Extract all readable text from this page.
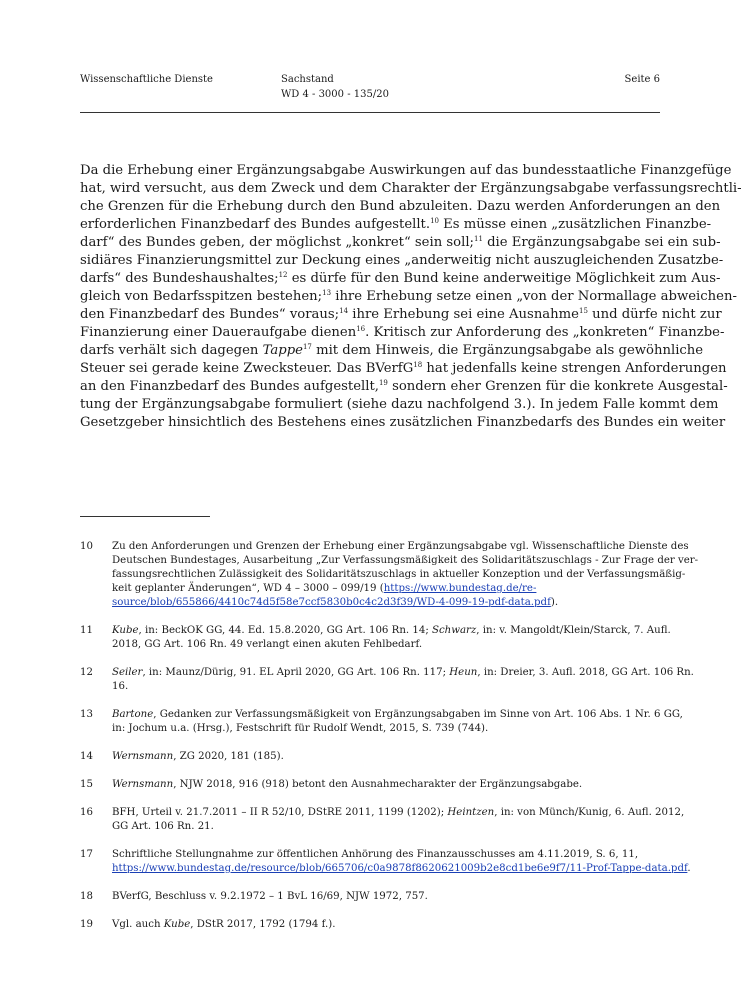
Wissenschaftliche Dienste	Sachstand
WD 4 - 3000 - 135/20
Seite 6
Da die Erhebung einer Ergänzungsabgabe Auswirkungen auf das bundesstaatliche Finanzgefüge
hat, wird versucht, aus dem Zweck und dem Charakter der Ergänzungsabgabe verfassungsrechtli-
che Grenzen für die Erhebung durch den Bund abzuleiten. Dazu werden Anforderungen an den
erforderlichen Finanzbedarf des Bundes aufgestellt.$^{10}$ Es müsse einen „zusätzlichen Finanzbe-
darf“ des Bundes geben, der möglichst „konkret“ sein soll;$^{11}$ die Ergänzungsabgabe sei ein sub-
sidiäres Finanzierungsmittel zur Deckung eines „anderweitig nicht auszugleichenden Zusatzbe-
darfs“ des Bundeshaushaltes;$^{12}$ es dürfe für den Bund keine anderweitige Möglichkeit zum Aus-
gleich von Bedarfsspitzen bestehen;$^{13}$ ihre Erhebung setze einen „von der Normallage abweichen-
den Finanzbedarf des Bundes“ voraus;$^{14}$ ihre Erhebung sei eine Ausnahme$^{15}$ und dürfe nicht zur
Finanzierung einer Daueraufgabe dienen$^{16}$. Kritisch zur Anforderung des „konkreten“ Finanzbe-
darfs verhält sich dagegen Tappe$^{17}$ mit dem Hinweis, die Ergänzungsabgabe als gewöhnliche
Steuer sei gerade keine Zwecksteuer. Das BVerfG$^{18}$ hat jedenfalls keine strengen Anforderungen
an den Finanzbedarf des Bundes aufgestellt,$^{19}$ sondern eher Grenzen für die konkrete Ausgestal-
tung der Ergänzungsabgabe formuliert (siehe dazu nachfolgend 3.). In jedem Falle kommt dem
Gesetzgeber hinsichtlich des Bestehens eines zusätzlichen Finanzbedarfs des Bundes ein weiter
10 Zu den Anforderungen und Grenzen der Erhebung einer Ergänzungsabgabe vgl. Wissenschaftliche Dienste des
Deutschen Bundestages, Ausarbeitung „Zur Verfassungsmäßigkeit des Solidaritätszuschlags - Zur Frage der ver-
fassungsrechtlichen Zulässigkeit des Solidaritätszuschlags in aktueller Konzeption und der Verfassungsmäßig-
keit geplanter Änderungen“, WD 4 – 3000 – 099/19 (https://www.bundestag.de/re-
source/blob/655866/4410c74d5f58e7ccf5830b0c4c2d3f39/WD-4-099-19-pdf-data.pdf).
11 Kube, in: BeckOK GG, 44. Ed. 15.8.2020, GG Art. 106 Rn. 14; Schwarz, in: v. Mangoldt/Klein/Starck, 7. Aufl.
2018, GG Art. 106 Rn. 49 verlangt einen akuten Fehlbedarf.
12 Seiler, in: Maunz/Dürig, 91. EL April 2020, GG Art. 106 Rn. 117; Heun, in: Dreier, 3. Aufl. 2018, GG Art. 106 Rn.
16.
13 Bartone, Gedanken zur Verfassungsmäßigkeit von Ergänzungsabgaben im Sinne von Art. 106 Abs. 1 Nr. 6 GG,
in: Jochum u.a. (Hrsg.), Festschrift für Rudolf Wendt, 2015, S. 739 (744).
14 Wernsmann, ZG 2020, 181 (185).
15 Wernsmann, NJW 2018, 916 (918) betont den Ausnahmecharakter der Ergänzungsabgabe.
16 BFH, Urteil v. 21.7.2011 – II R 52/10, DStRE 2011, 1199 (1202); Heintzen, in: von Münch/Kunig, 6. Aufl. 2012,
GG Art. 106 Rn. 21.
17 Schriftliche Stellungnahme zur öffentlichen Anhörung des Finanzausschusses am 4.11.2019, S. 6, 11,
https://www.bundestag.de/resource/blob/665706/c0a9878f8620621009b2e8cd1be6e9f7/11-Prof-Tappe-data.pdf.
18 BVerfG, Beschluss v. 9.2.1972 – 1 BvL 16/69, NJW 1972, 757.
19 Vgl. auch Kube, DStR 2017, 1792 (1794 f.).
